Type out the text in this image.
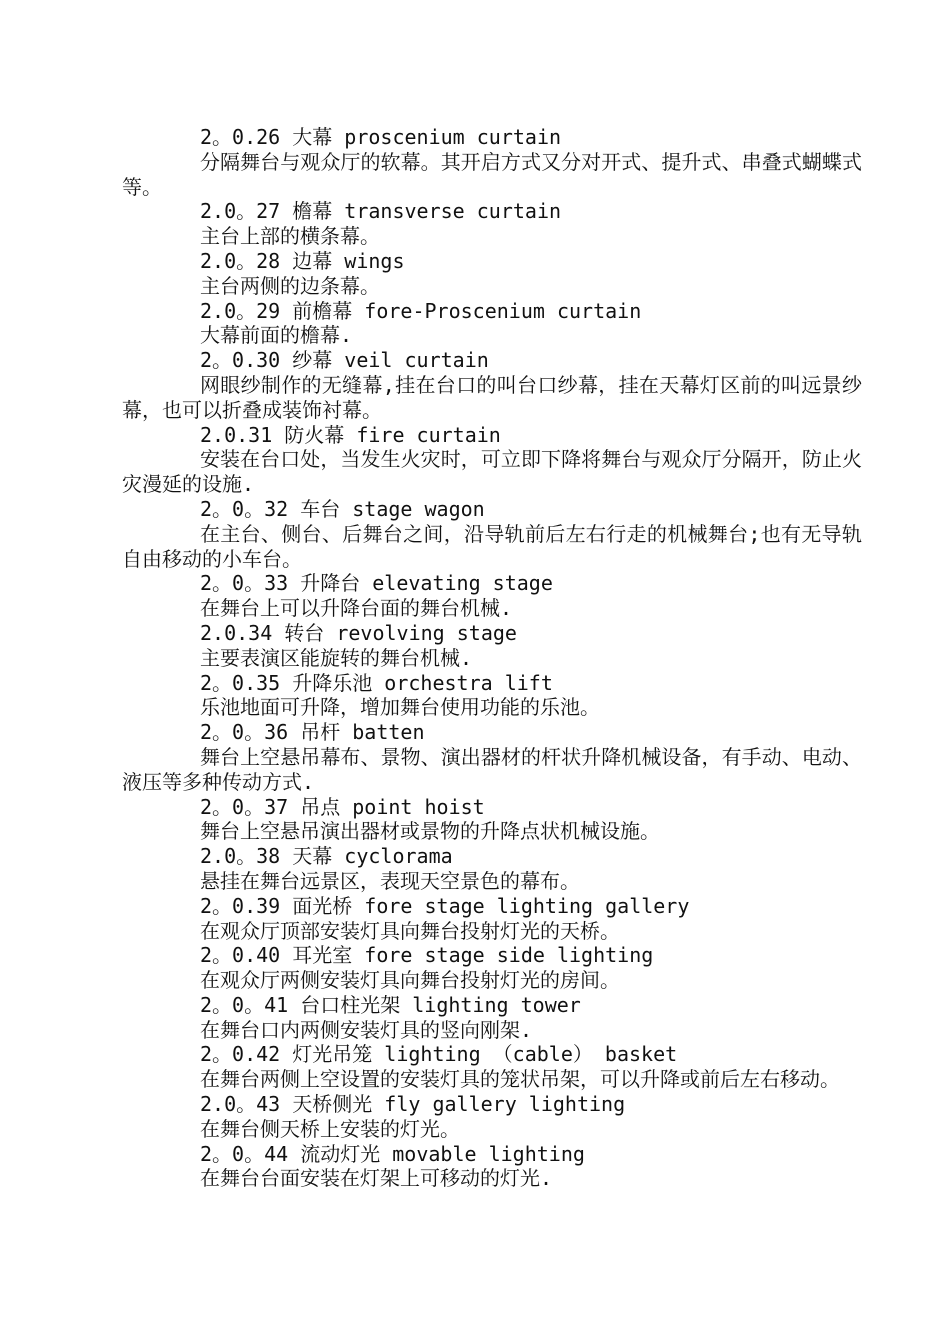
2。0.26 大幕 proscenium curtain

分隔舞台与观众厅的软幕。其开启方式又分对开式、提升式、串叠式蝴蝶式等。

2.0。27 檐幕 transverse curtain

主台上部的横条幕。

2.0。28 边幕 wings

主台两侧的边条幕。

2.0。29 前檐幕 fore-Proscenium curtain

大幕前面的檐幕.

2。0.30 纱幕 veil curtain

网眼纱制作的无缝幕,挂在台口的叫台口纱幕，挂在天幕灯区前的叫远景纱幕，也可以折叠成装饰衬幕。

2.0.31 防火幕 fire curtain

安装在台口处，当发生火灾时，可立即下降将舞台与观众厅分隔开，防止火灾漫延的设施.

2。0。32 车台 stage wagon

在主台、侧台、后舞台之间，沿导轨前后左右行走的机械舞台;也有无导轨自由移动的小车台。

2。0。33 升降台 elevating stage

在舞台上可以升降台面的舞台机械.

2.0.34 转台 revolving stage

主要表演区能旋转的舞台机械.

2。0.35 升降乐池 orchestra lift

乐池地面可升降，增加舞台使用功能的乐池。

2。0。36 吊杆 batten

舞台上空悬吊幕布、景物、演出器材的杆状升降机械设备，有手动、电动、液压等多种传动方式.

2。0。37 吊点 point hoist

舞台上空悬吊演出器材或景物的升降点状机械设施。

2.0。38 天幕 cyclorama

悬挂在舞台远景区，表现天空景色的幕布。

2。0.39 面光桥 fore stage lighting gallery

在观众厅顶部安装灯具向舞台投射灯光的天桥。

2。0.40 耳光室 fore stage side lighting

在观众厅两侧安装灯具向舞台投射灯光的房间。

2。0。41 台口柱光架 lighting tower

在舞台口内两侧安装灯具的竖向刚架.

2。0.42 灯光吊笼 lighting （cable） basket

在舞台两侧上空设置的安装灯具的笼状吊架，可以升降或前后左右移动。

2.0。43 天桥侧光 fly gallery lighting

在舞台侧天桥上安装的灯光。

2。0。44 流动灯光 movable lighting

在舞台台面安装在灯架上可移动的灯光.
